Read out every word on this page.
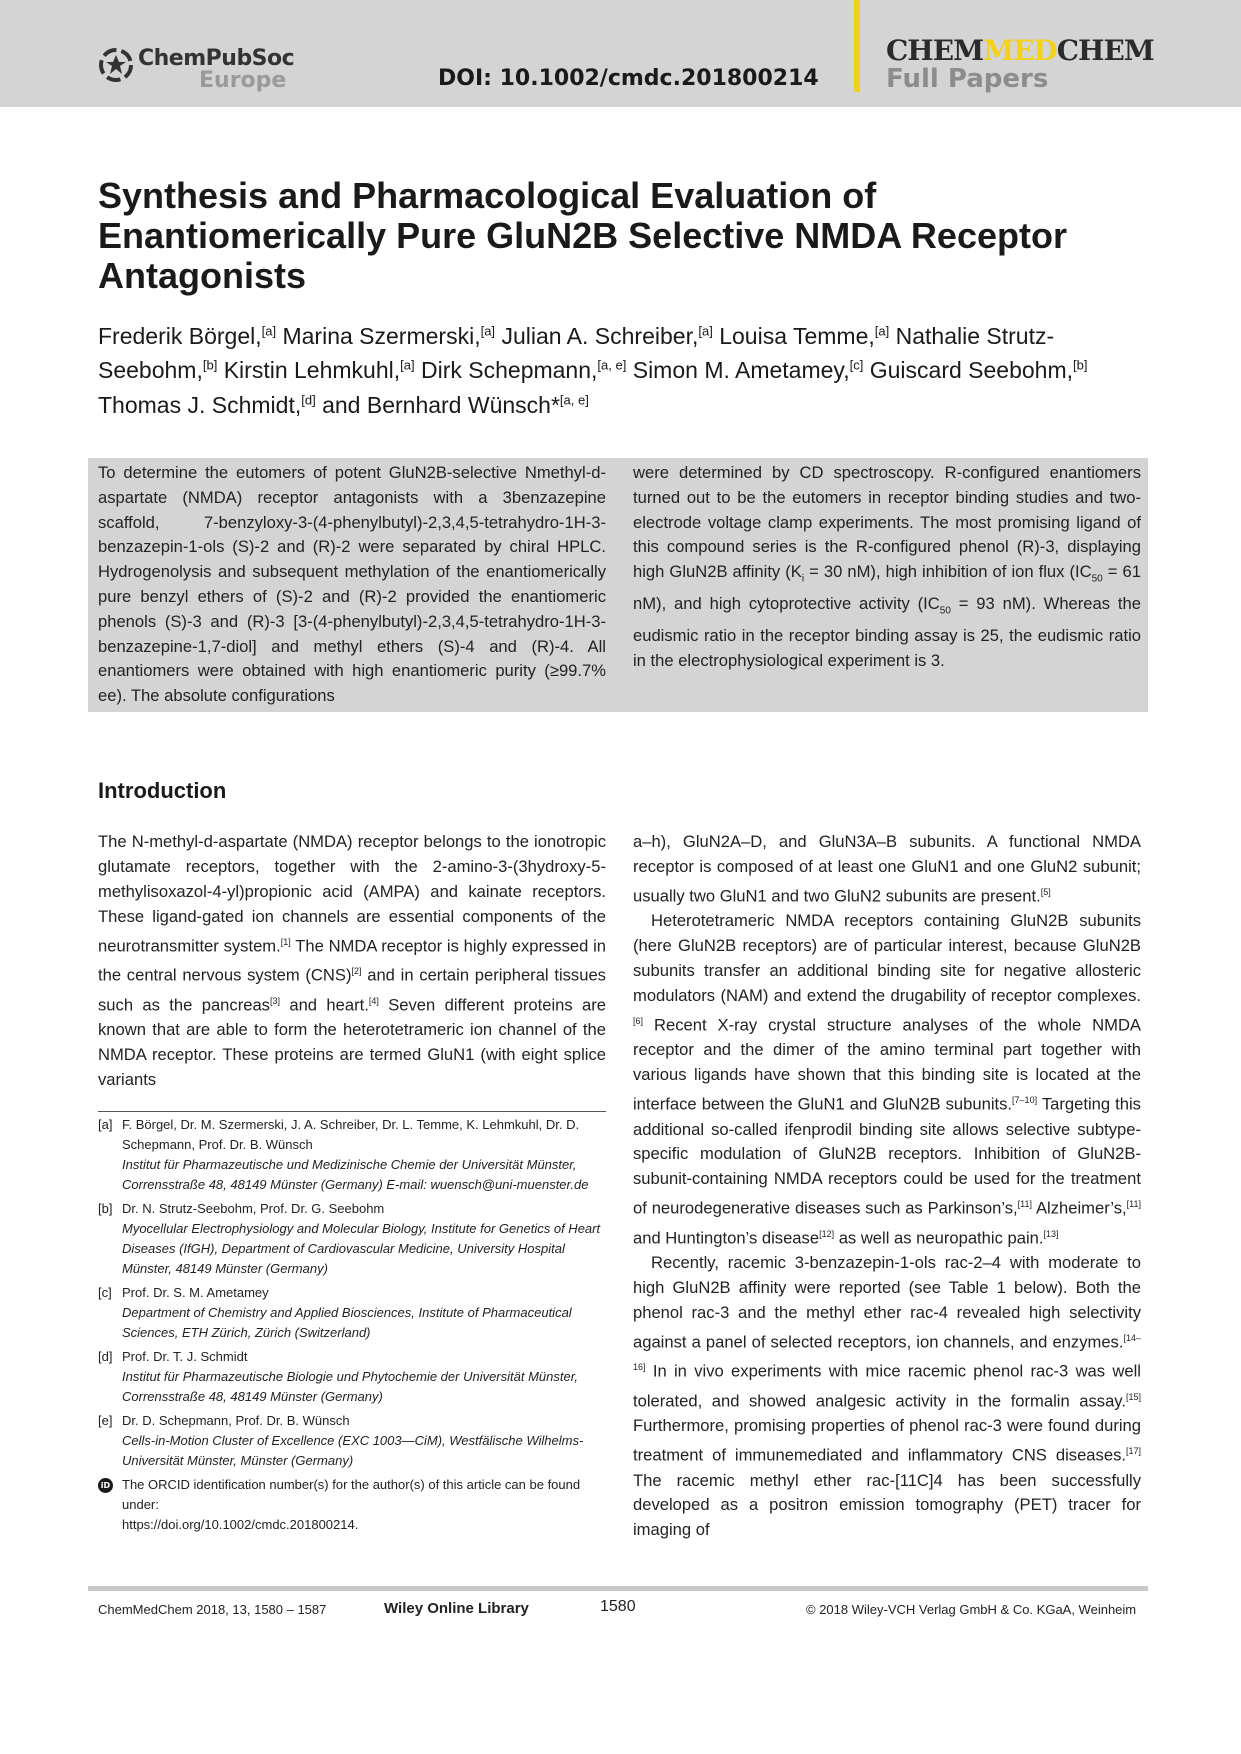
ChemPubSoc
Europe	DOI: 10.1002/cmdc.201800214
CHEMMEDCHEM
Full Papers
Synthesis and Pharmacological Evaluation of Enantiomerically Pure GluN2B Selective NMDA Receptor Antagonists
Frederik Börgel,[a] Marina Szermerski,[a] Julian A. Schreiber,[a] Louisa Temme,[a] Nathalie Strutz-Seebohm,[b] Kirstin Lehmkuhl,[a] Dirk Schepmann,[a, e] Simon M. Ametamey,[c] Guiscard Seebohm,[b] Thomas J. Schmidt,[d] and Bernhard Wünsch*[a, e]
To determine the eutomers of potent GluN2B-selective Nmethyl-d-aspartate (NMDA) receptor antagonists with a 3benzazepine scaffold, 7-benzyloxy-3-(4-phenylbutyl)-2,3,4,5-tetrahydro-1H-3-benzazepin-1-ols (S)-2 and (R)-2 were separated by chiral HPLC. Hydrogenolysis and subsequent methylation of the enantiomerically pure benzyl ethers of (S)-2 and (R)-2 provided the enantiomeric phenols (S)-3 and (R)-3 [3-(4-phenylbutyl)-2,3,4,5-tetrahydro-1H-3-benzazepine-1,7-diol] and methyl ethers (S)-4 and (R)-4. All enantiomers were obtained with high enantiomeric purity (≥99.7% ee). The absolute configurations
were determined by CD spectroscopy. R-configured enantiomers turned out to be the eutomers in receptor binding studies and two-electrode voltage clamp experiments. The most promising ligand of this compound series is the R-configured phenol (R)-3, displaying high GluN2B affinity ($K_i = 30$ nM), high inhibition of ion flux ($IC_{50} = 61$ nM), and high cytoprotective activity ($IC_{50} = 93$ nM). Whereas the eudismic ratio in the receptor binding assay is 25, the eudismic ratio in the electrophysiological experiment is 3.
Introduction

The N-methyl-d-aspartate (NMDA) receptor belongs to the ionotropic glutamate receptors, together with the 2-amino-3-(3hydroxy-5-methylisoxazol-4-yl)propionic acid (AMPA) and kainate receptors. These ligand-gated ion channels are essential components of the neurotransmitter system.[1] The NMDA receptor is highly expressed in the central nervous system (CNS)[2] and in certain peripheral tissues such as the pancreas[3] and heart.[4] Seven different proteins are known that are able to form the heterotetrameric ion channel of the NMDA receptor. These proteins are termed GluN1 (with eight splice variants

a–h), GluN2A–D, and GluN3A–B subunits. A functional NMDA receptor is composed of at least one GluN1 and one GluN2 subunit; usually two GluN1 and two GluN2 subunits are present.[5]

Heterotetrameric NMDA receptors containing GluN2B subunits (here GluN2B receptors) are of particular interest, because GluN2B subunits transfer an additional binding site for negative allosteric modulators (NAM) and extend the drugability of receptor complexes.[6] Recent X-ray crystal structure analyses of the whole NMDA receptor and the dimer of the amino terminal part together with various ligands have shown that this binding site is located at the interface between the GluN1 and GluN2B subunits.[7–10] Targeting this additional so-called ifenprodil binding site allows selective subtype-specific modulation of GluN2B receptors. Inhibition of GluN2B-subunit-containing NMDA receptors could be used for the treatment of neurodegenerative diseases such as Parkinson’s,[11] Alzheimer’s,[11] and Huntington’s disease[12] as well as neuropathic pain.[13]

Recently, racemic 3-benzazepin-1-ols rac-2–4 with moderate to high GluN2B affinity were reported (see Table 1 below). Both the phenol rac-3 and the methyl ether rac-4 revealed high selectivity against a panel of selected receptors, ion channels, and enzymes.[14–16] In in vivo experiments with mice racemic phenol rac-3 was well tolerated, and showed analgesic activity in the formalin assay.[15] Furthermore, promising properties of phenol rac-3 were found during treatment of immunemediated and inflammatory CNS diseases.[17] The racemic methyl ether rac-[11C]4 has been successfully developed as a positron emission tomography (PET) tracer for imaging of

[a] F. Börgel, Dr. M. Szermerski, J. A. Schreiber, Dr. L. Temme, K. Lehmkuhl, Dr. D. Schepmann, Prof. Dr. B. Wünsch
Institut für Pharmazeutische und Medizinische Chemie der Universität Münster, Corrensstraße 48, 48149 Münster (Germany) E-mail: wuensch@uni-muenster.de
[b] Dr. N. Strutz-Seebohm, Prof. Dr. G. Seebohm
Myocellular Electrophysiology and Molecular Biology, Institute for Genetics of Heart Diseases (IfGH), Department of Cardiovascular Medicine, University Hospital Münster, 48149 Münster (Germany)
[c] Prof. Dr. S. M. Ametamey
Department of Chemistry and Applied Biosciences, Institute of Pharmaceutical Sciences, ETH Zürich, Zürich (Switzerland)
[d] Prof. Dr. T. J. Schmidt
Institut für Pharmazeutische Biologie und Phytochemie der Universität Münster, Corrensstraße 48, 48149 Münster (Germany)
[e] Dr. D. Schepmann, Prof. Dr. B. Wünsch
Cells-in-Motion Cluster of Excellence (EXC 1003—CiM), Westfälische Wilhelms-Universität Münster, Münster (Germany)
iD The ORCID identification number(s) for the author(s) of this article can be found under:
https://doi.org/10.1002/cmdc.201800214.
ChemMedChem 2018, 13, 1580 – 1587	Wiley Online Library	1580	© 2018 Wiley-VCH Verlag GmbH & Co. KGaA, Weinheim
